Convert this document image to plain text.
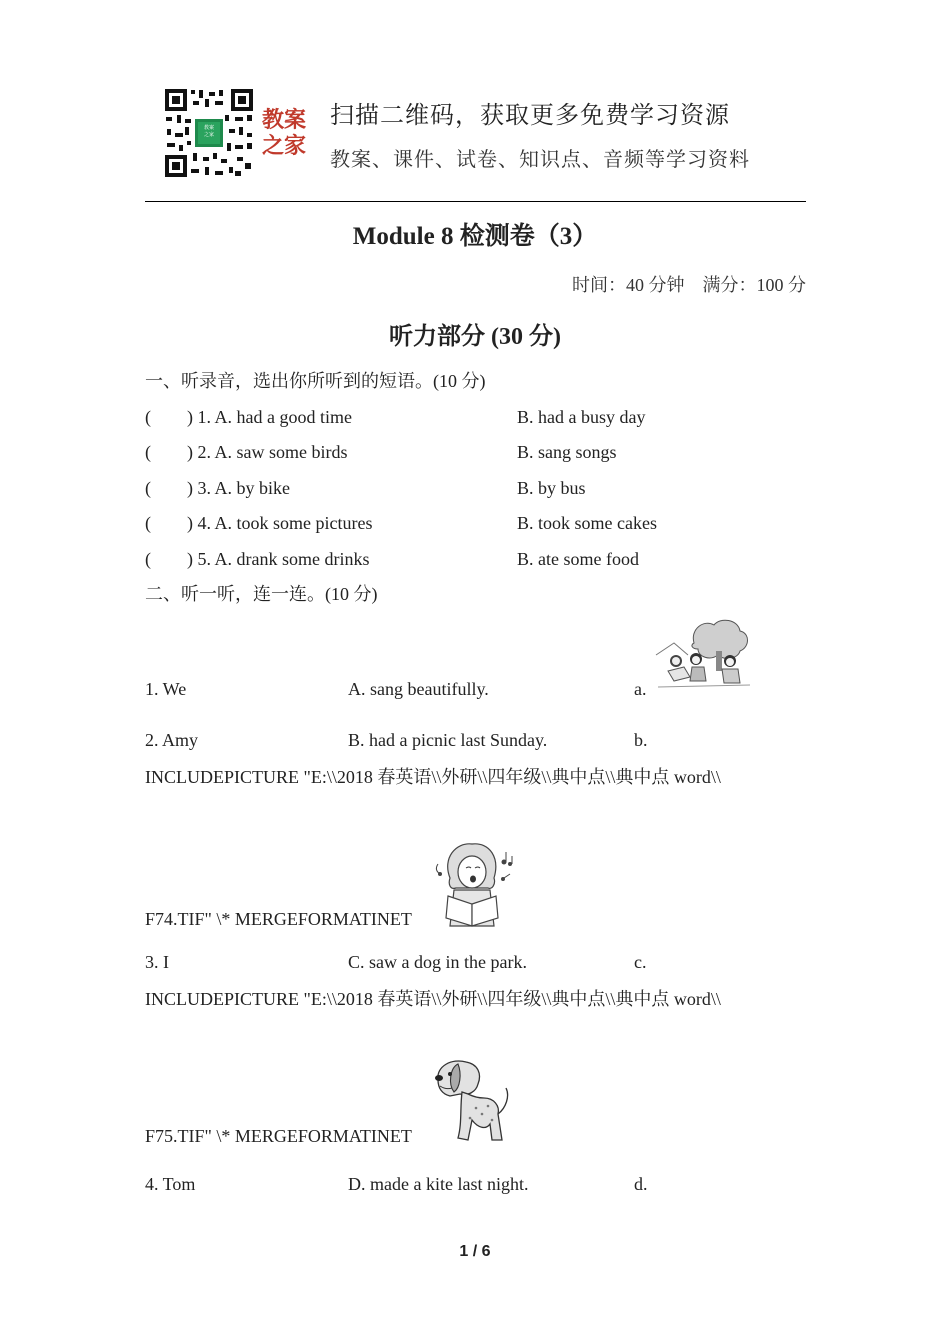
教案
之家
教案
之家
扫描二维码，获取更多免费学习资源
教案、课件、试卷、知识点、音频等学习资料
Module 8 检测卷（3）
时间：40 分钟　满分：100 分
听力部分 (30 分)
一、听录音，选出你所听到的短语。(10 分)
(　　) 1. A. had a good time	B. had a busy day
(　　) 2. A. saw some birds	B. sang songs
(　　) 3. A. by bike	B. by bus
(　　) 4. A. took some pictures	B. took some cakes
(　　) 5. A. drank some drinks	B. ate some food
二、听一听，连一连。(10 分)
1. We	A. sang beautifully.	a.
2. Amy	B. had a picnic last Sunday.	b.
INCLUDEPICTURE "E:\\2018 春英语\\外研\\四年级\\典中点\\典中点 word\\
F74.TIF" \* MERGEFORMATINET
3. I	C. saw a dog in the park.	c.
INCLUDEPICTURE "E:\\2018 春英语\\外研\\四年级\\典中点\\典中点 word\\
F75.TIF" \* MERGEFORMATINET
4. Tom	D. made a kite last night.	d.
1 / 6
